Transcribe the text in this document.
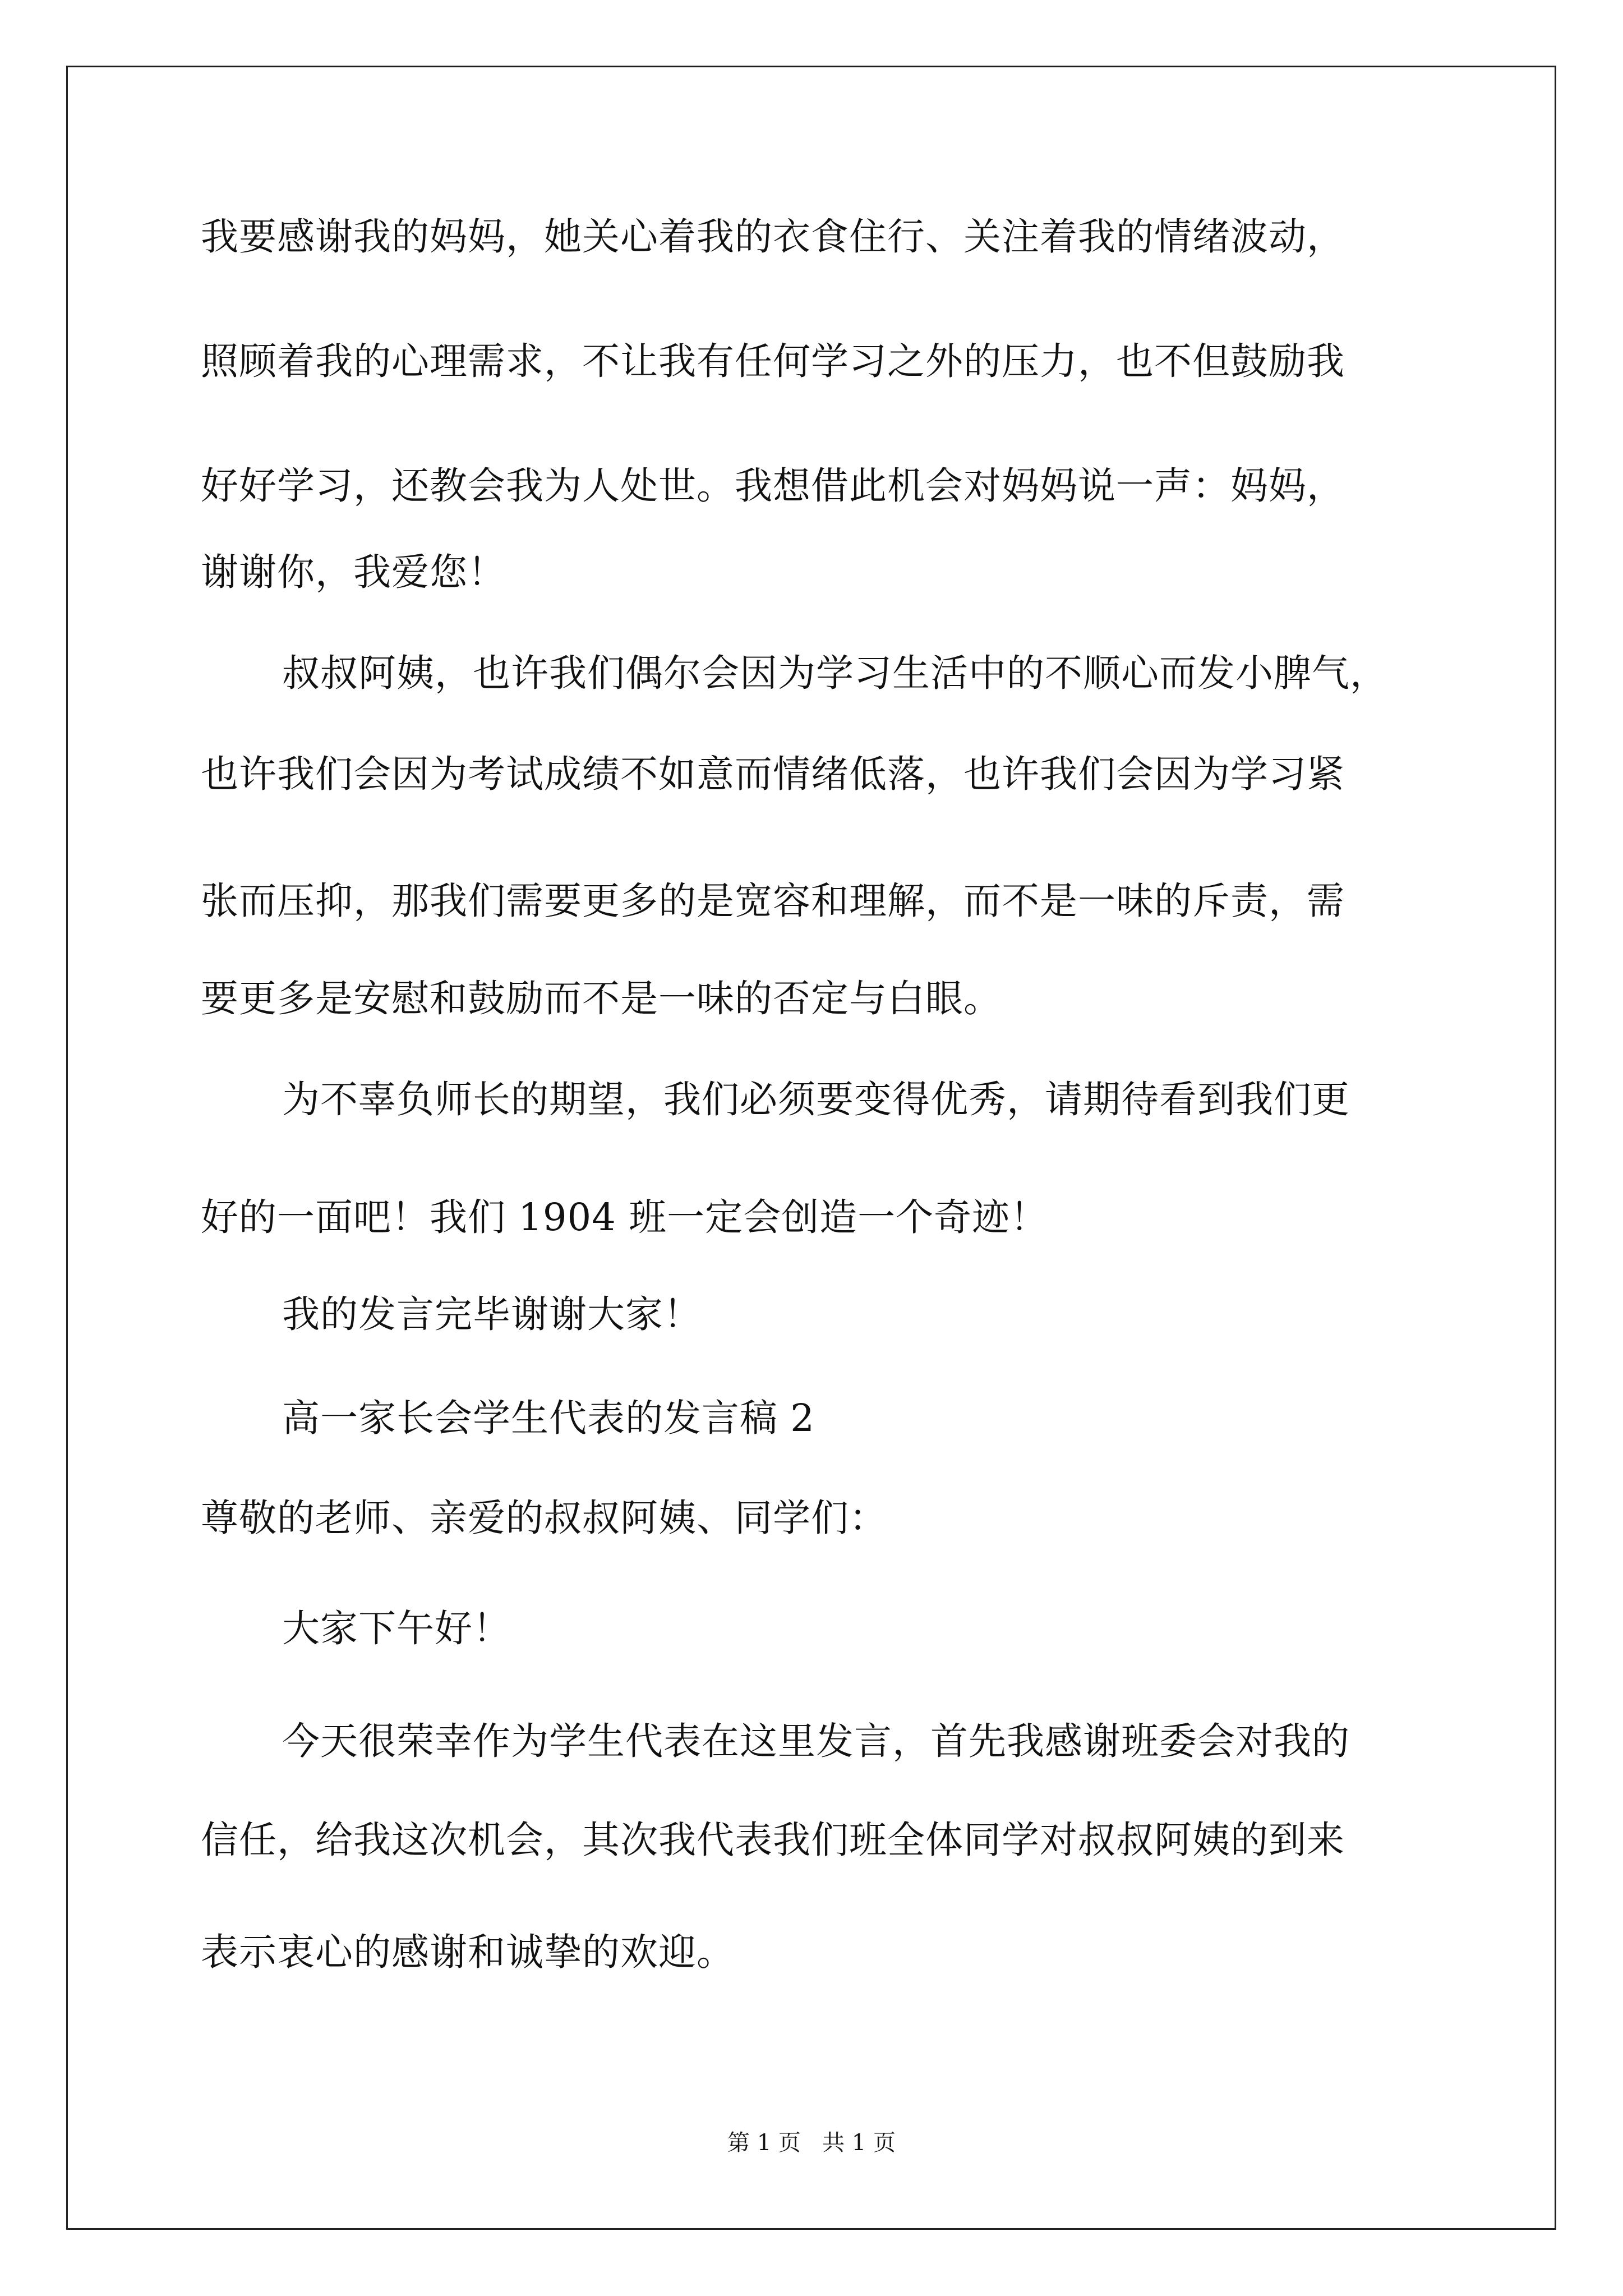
我要感谢我的妈妈，她关心着我的衣食住行、关注着我的情绪波动，

照顾着我的心理需求，不让我有任何学习之外的压力，也不但鼓励我

好好学习，还教会我为人处世。我想借此机会对妈妈说一声：妈妈，

谢谢你，我爱您！

叔叔阿姨，也许我们偶尔会因为学习生活中的不顺心而发小脾气，

也许我们会因为考试成绩不如意而情绪低落，也许我们会因为学习紧

张而压抑，那我们需要更多的是宽容和理解，而不是一味的斥责，需

要更多是安慰和鼓励而不是一味的否定与白眼。

为不辜负师长的期望，我们必须要变得优秀，请期待看到我们更

好的一面吧！我们 1904 班一定会创造一个奇迹！

我的发言完毕谢谢大家！

高一家长会学生代表的发言稿 2

尊敬的老师、亲爱的叔叔阿姨、同学们：

大家下午好！

今天很荣幸作为学生代表在这里发言，首先我感谢班委会对我的

信任，给我这次机会，其次我代表我们班全体同学对叔叔阿姨的到来

表示衷心的感谢和诚挚的欢迎。

第 1 页   共 1 页
